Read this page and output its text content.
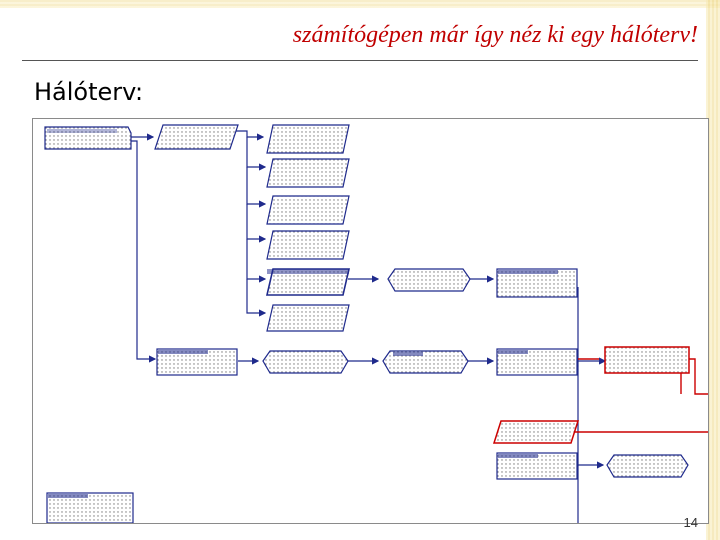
számítógépen már így néz ki egy hálóterv!
Hálóterv:
14
